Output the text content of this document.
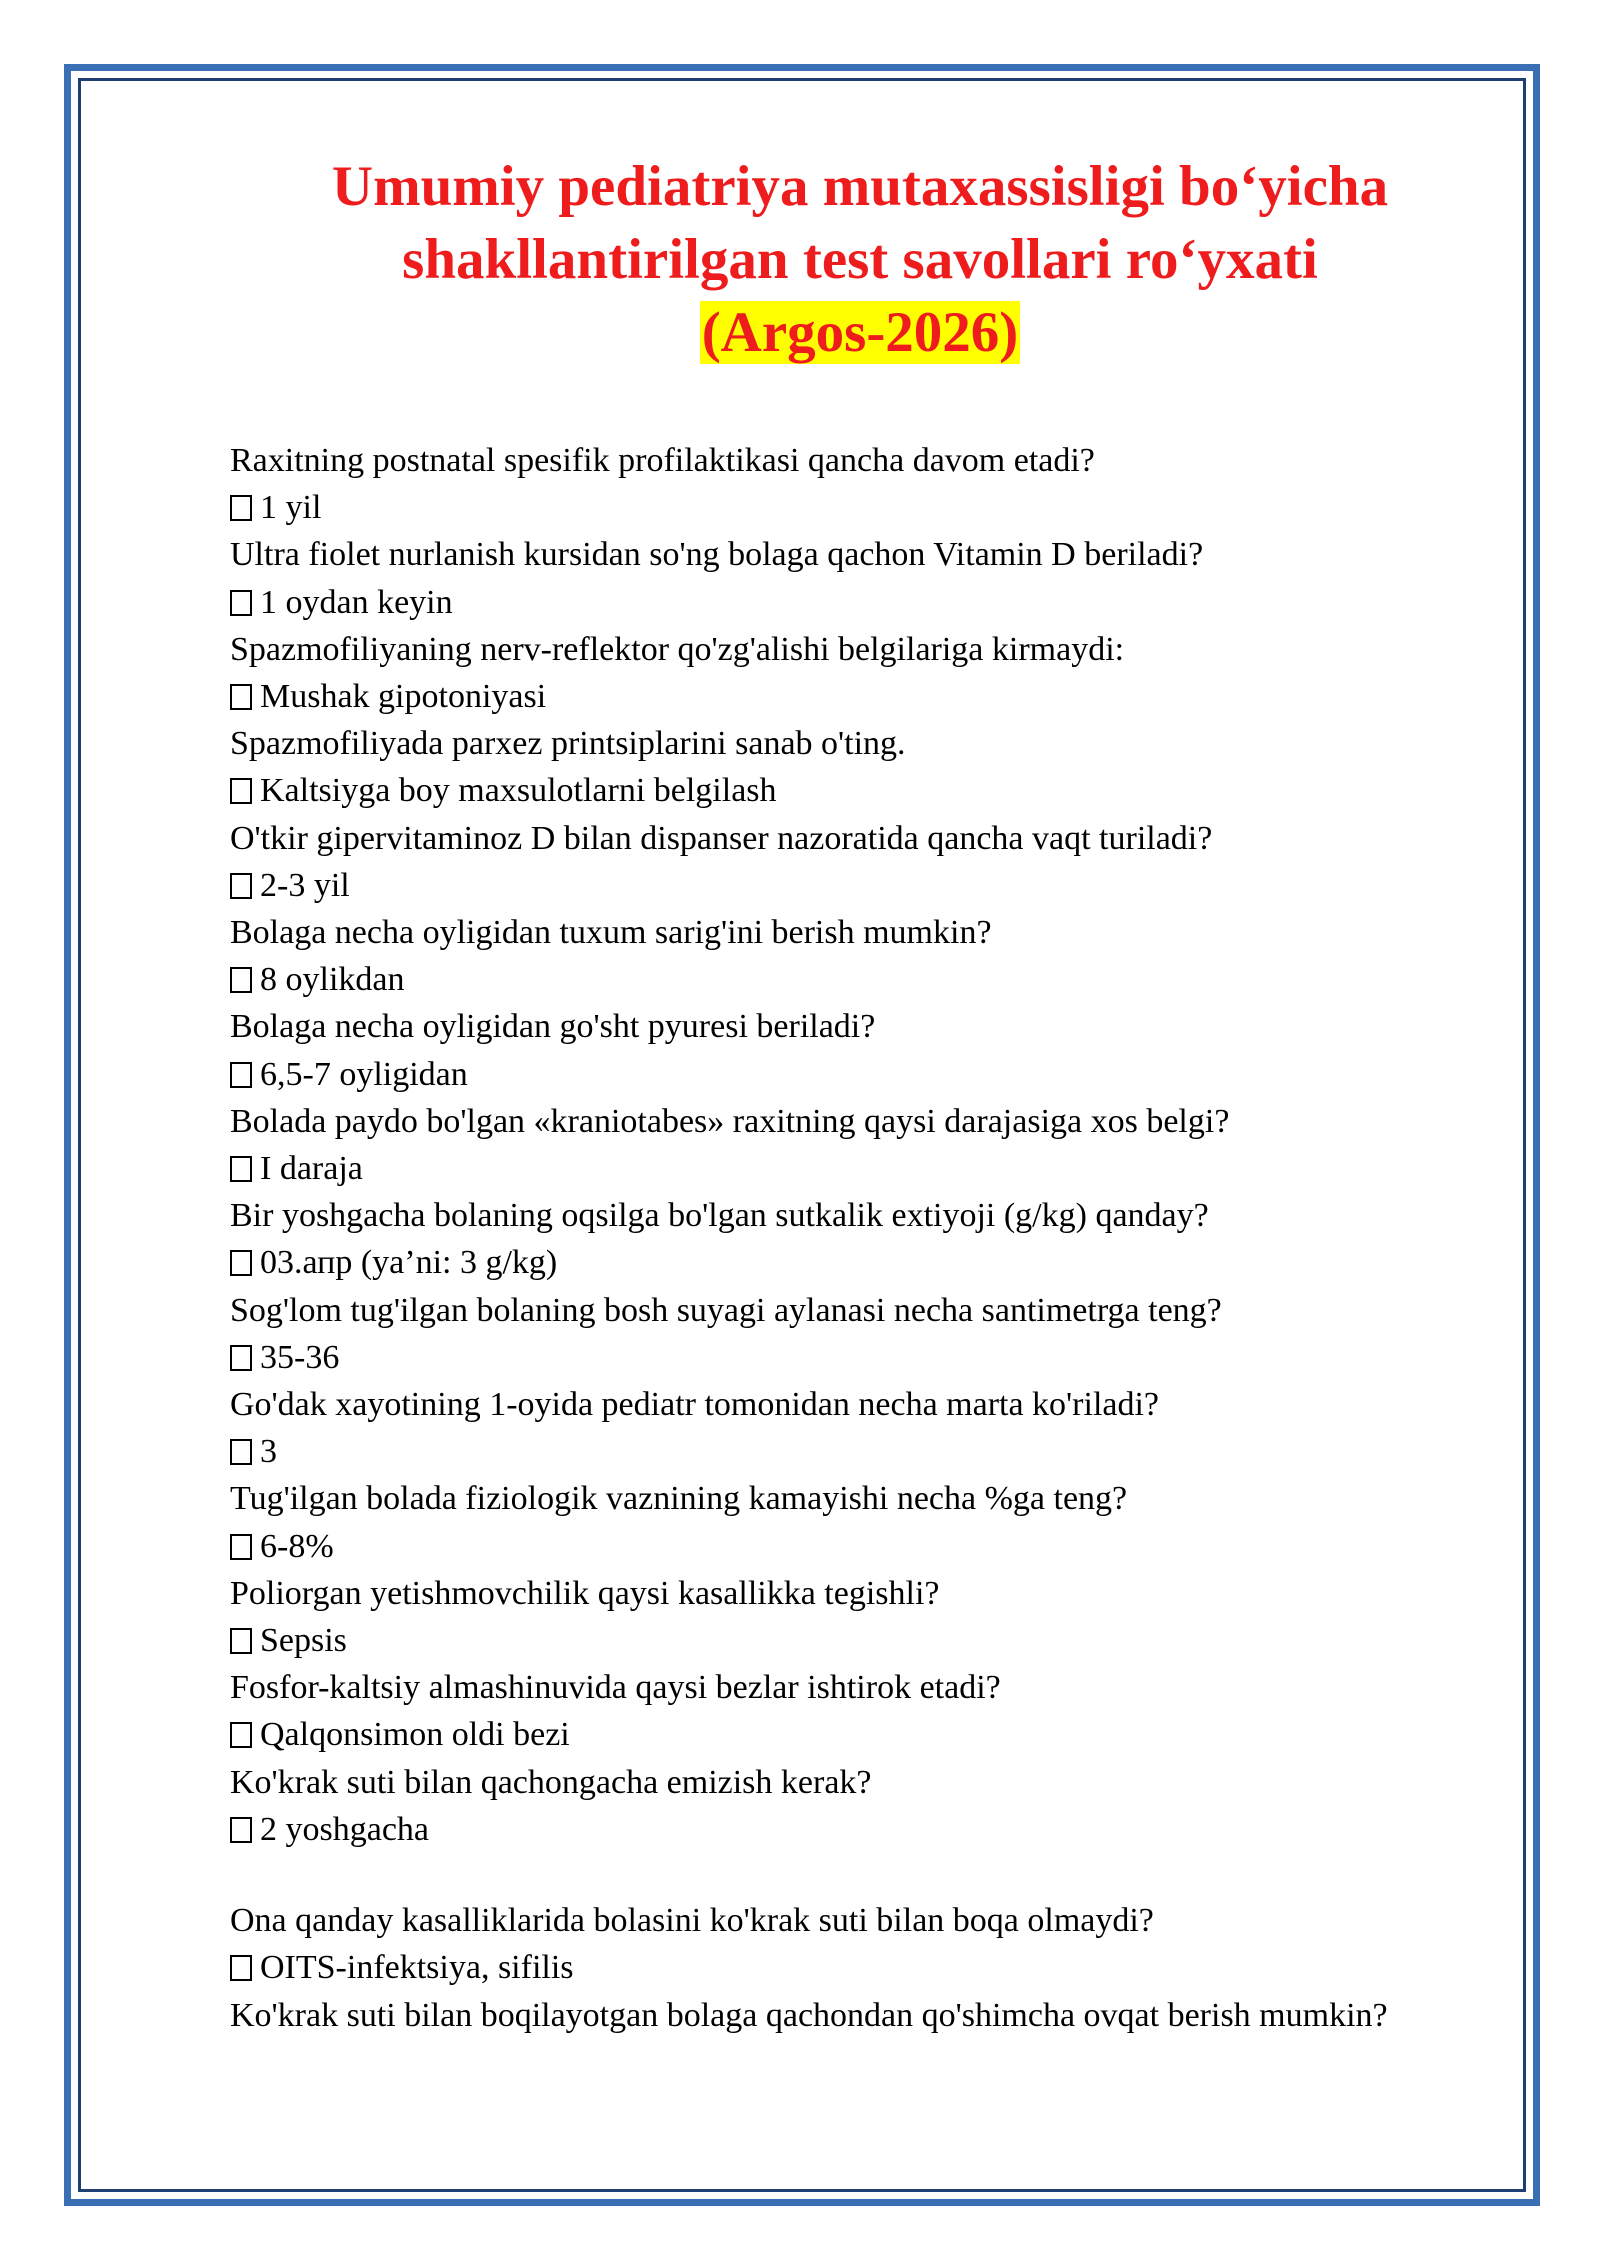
Umumiy pediatriya mutaxassisligi bo‘yicha
shakllantirilgan test savollari ro‘yxati
(Argos-2026)
Raxitning postnatal spesifik profilaktikasi qancha davom etadi?
1 yil
Ultra fiolet nurlanish kursidan so'ng bolaga qachon Vitamin D beriladi?
1 oydan keyin
Spazmofiliyaning nerv-reflektor qo'zg'alishi belgilariga kirmaydi:
Mushak gipotoniyasi
Spazmofiliyada parxez printsiplarini sanab o'ting.
Kaltsiyga boy maxsulotlarni belgilash
O'tkir gipervitaminoz D bilan dispanser nazoratida qancha vaqt turiladi?
2-3 yil
Bolaga necha oyligidan tuxum sarig'ini berish mumkin?
8 oylikdan
Bolaga necha oyligidan go'sht pyuresi beriladi?
6,5-7 oyligidan
Bolada paydo bo'lgan «kraniotabes» raxitning qaysi darajasiga xos belgi?
I daraja
Bir yoshgacha bolaning oqsilga bo'lgan sutkalik extiyoji (g/kg) qanday?
03.апр (ya’ni: 3 g/kg)
Sog'lom tug'ilgan bolaning bosh suyagi aylanasi necha santimetrga teng?
35-36
Go'dak xayotining 1-oyida pediatr tomonidan necha marta ko'riladi?
3
Tug'ilgan bolada fiziologik vaznining kamayishi necha %ga teng?
6-8%
Poliorgan yetishmovchilik qaysi kasallikka tegishli?
Sepsis
Fosfor-kaltsiy almashinuvida qaysi bezlar ishtirok etadi?
Qalqonsimon oldi bezi
Ko'krak suti bilan qachongacha emizish kerak?
2 yoshgacha
Ona qanday kasalliklarida bolasini ko'krak suti bilan boqa olmaydi?
OITS-infektsiya, sifilis
Ko'krak suti bilan boqilayotgan bolaga qachondan qo'shimcha ovqat berish mumkin?
